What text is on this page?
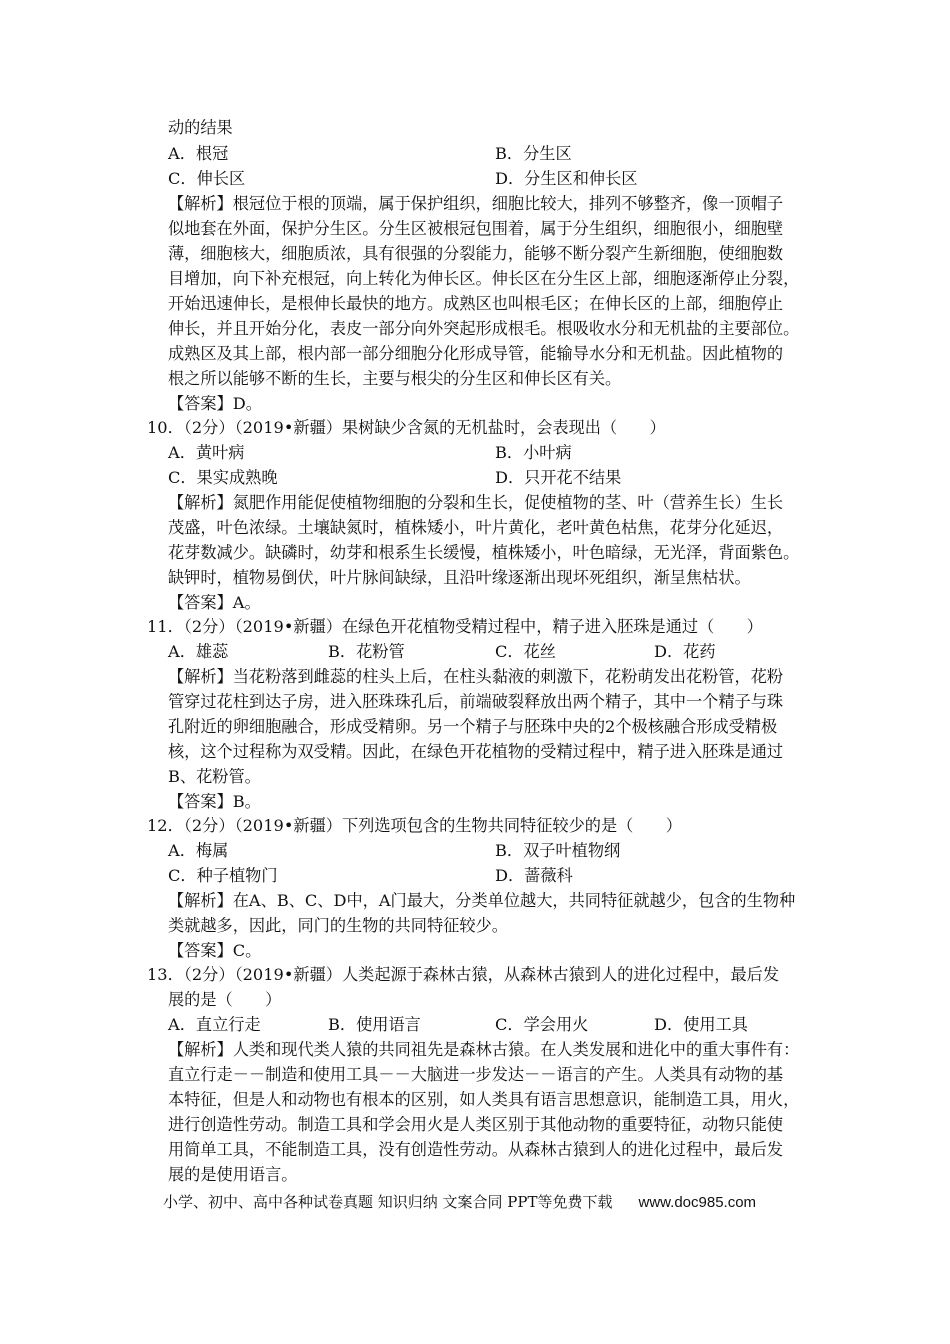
动的结果
A．根冠	B．分生区
C．伸长区	D．分生区和伸长区
【解析】根冠位于根的顶端，属于保护组织，细胞比较大，排列不够整齐，像一顶帽子
似地套在外面，保护分生区。分生区被根冠包围着，属于分生组织，细胞很小，细胞壁
薄，细胞核大，细胞质浓，具有很强的分裂能力，能够不断分裂产生新细胞，使细胞数
目增加，向下补充根冠，向上转化为伸长区。伸长区在分生区上部，细胞逐渐停止分裂，
开始迅速伸长，是根伸长最快的地方。成熟区也叫根毛区；在伸长区的上部，细胞停止
伸长，并且开始分化，表皮一部分向外突起形成根毛。根吸收水分和无机盐的主要部位。
成熟区及其上部，根内部一部分细胞分化形成导管，能输导水分和无机盐。因此植物的
根之所以能够不断的生长，主要与根尖的分生区和伸长区有关。
【答案】D。
10．（2分）（2019•新疆）果树缺少含氮的无机盐时，会表现出（　　）
A．黄叶病	B．小叶病
C．果实成熟晚	D．只开花不结果
【解析】氮肥作用能促使植物细胞的分裂和生长，促使植物的茎、叶（营养生长）生长
茂盛，叶色浓绿。土壤缺氮时，植株矮小，叶片黄化，老叶黄色枯焦，花芽分化延迟，
花芽数减少。缺磷时，幼芽和根系生长缓慢，植株矮小，叶色暗绿，无光泽，背面紫色。
缺钾时，植物易倒伏，叶片脉间缺绿，且沿叶缘逐渐出现坏死组织，渐呈焦枯状。
【答案】A。
11．（2分）（2019•新疆）在绿色开花植物受精过程中，精子进入胚珠是通过（　　）
A．雄蕊	B．花粉管	C．花丝	D．花药
【解析】当花粉落到雌蕊的柱头上后，在柱头黏液的刺激下，花粉萌发出花粉管，花粉
管穿过花柱到达子房，进入胚珠珠孔后，前端破裂释放出两个精子，其中一个精子与珠
孔附近的卵细胞融合，形成受精卵。另一个精子与胚珠中央的2个极核融合形成受精极
核，这个过程称为双受精。因此，在绿色开花植物的受精过程中，精子进入胚珠是通过
B、花粉管。
【答案】B。
12．（2分）（2019•新疆）下列选项包含的生物共同特征较少的是（　　）
A．梅属	B．双子叶植物纲
C．种子植物门	D．蔷薇科
【解析】在A、B、C、D中，A门最大，分类单位越大，共同特征就越少，包含的生物种
类就越多，因此，同门的生物的共同特征较少。
【答案】C。
13．（2分）（2019•新疆）人类起源于森林古猿，从森林古猿到人的进化过程中，最后发
展的是（　　）
A．直立行走	B．使用语言	C．学会用火	D．使用工具
【解析】人类和现代类人猿的共同祖先是森林古猿。在人类发展和进化中的重大事件有：
直立行走－－制造和使用工具－－大脑进一步发达－－语言的产生。人类具有动物的基
本特征，但是人和动物也有根本的区别，如人类具有语言思想意识，能制造工具，用火，
进行创造性劳动。制造工具和学会用火是人类区别于其他动物的重要特征，动物只能使
用简单工具，不能制造工具，没有创造性劳动。从森林古猿到人的进化过程中，最后发
展的是使用语言。
小学、初中、高中各种试卷真题 知识归纳 文案合同 PPT等免费下载 www.doc985.com
